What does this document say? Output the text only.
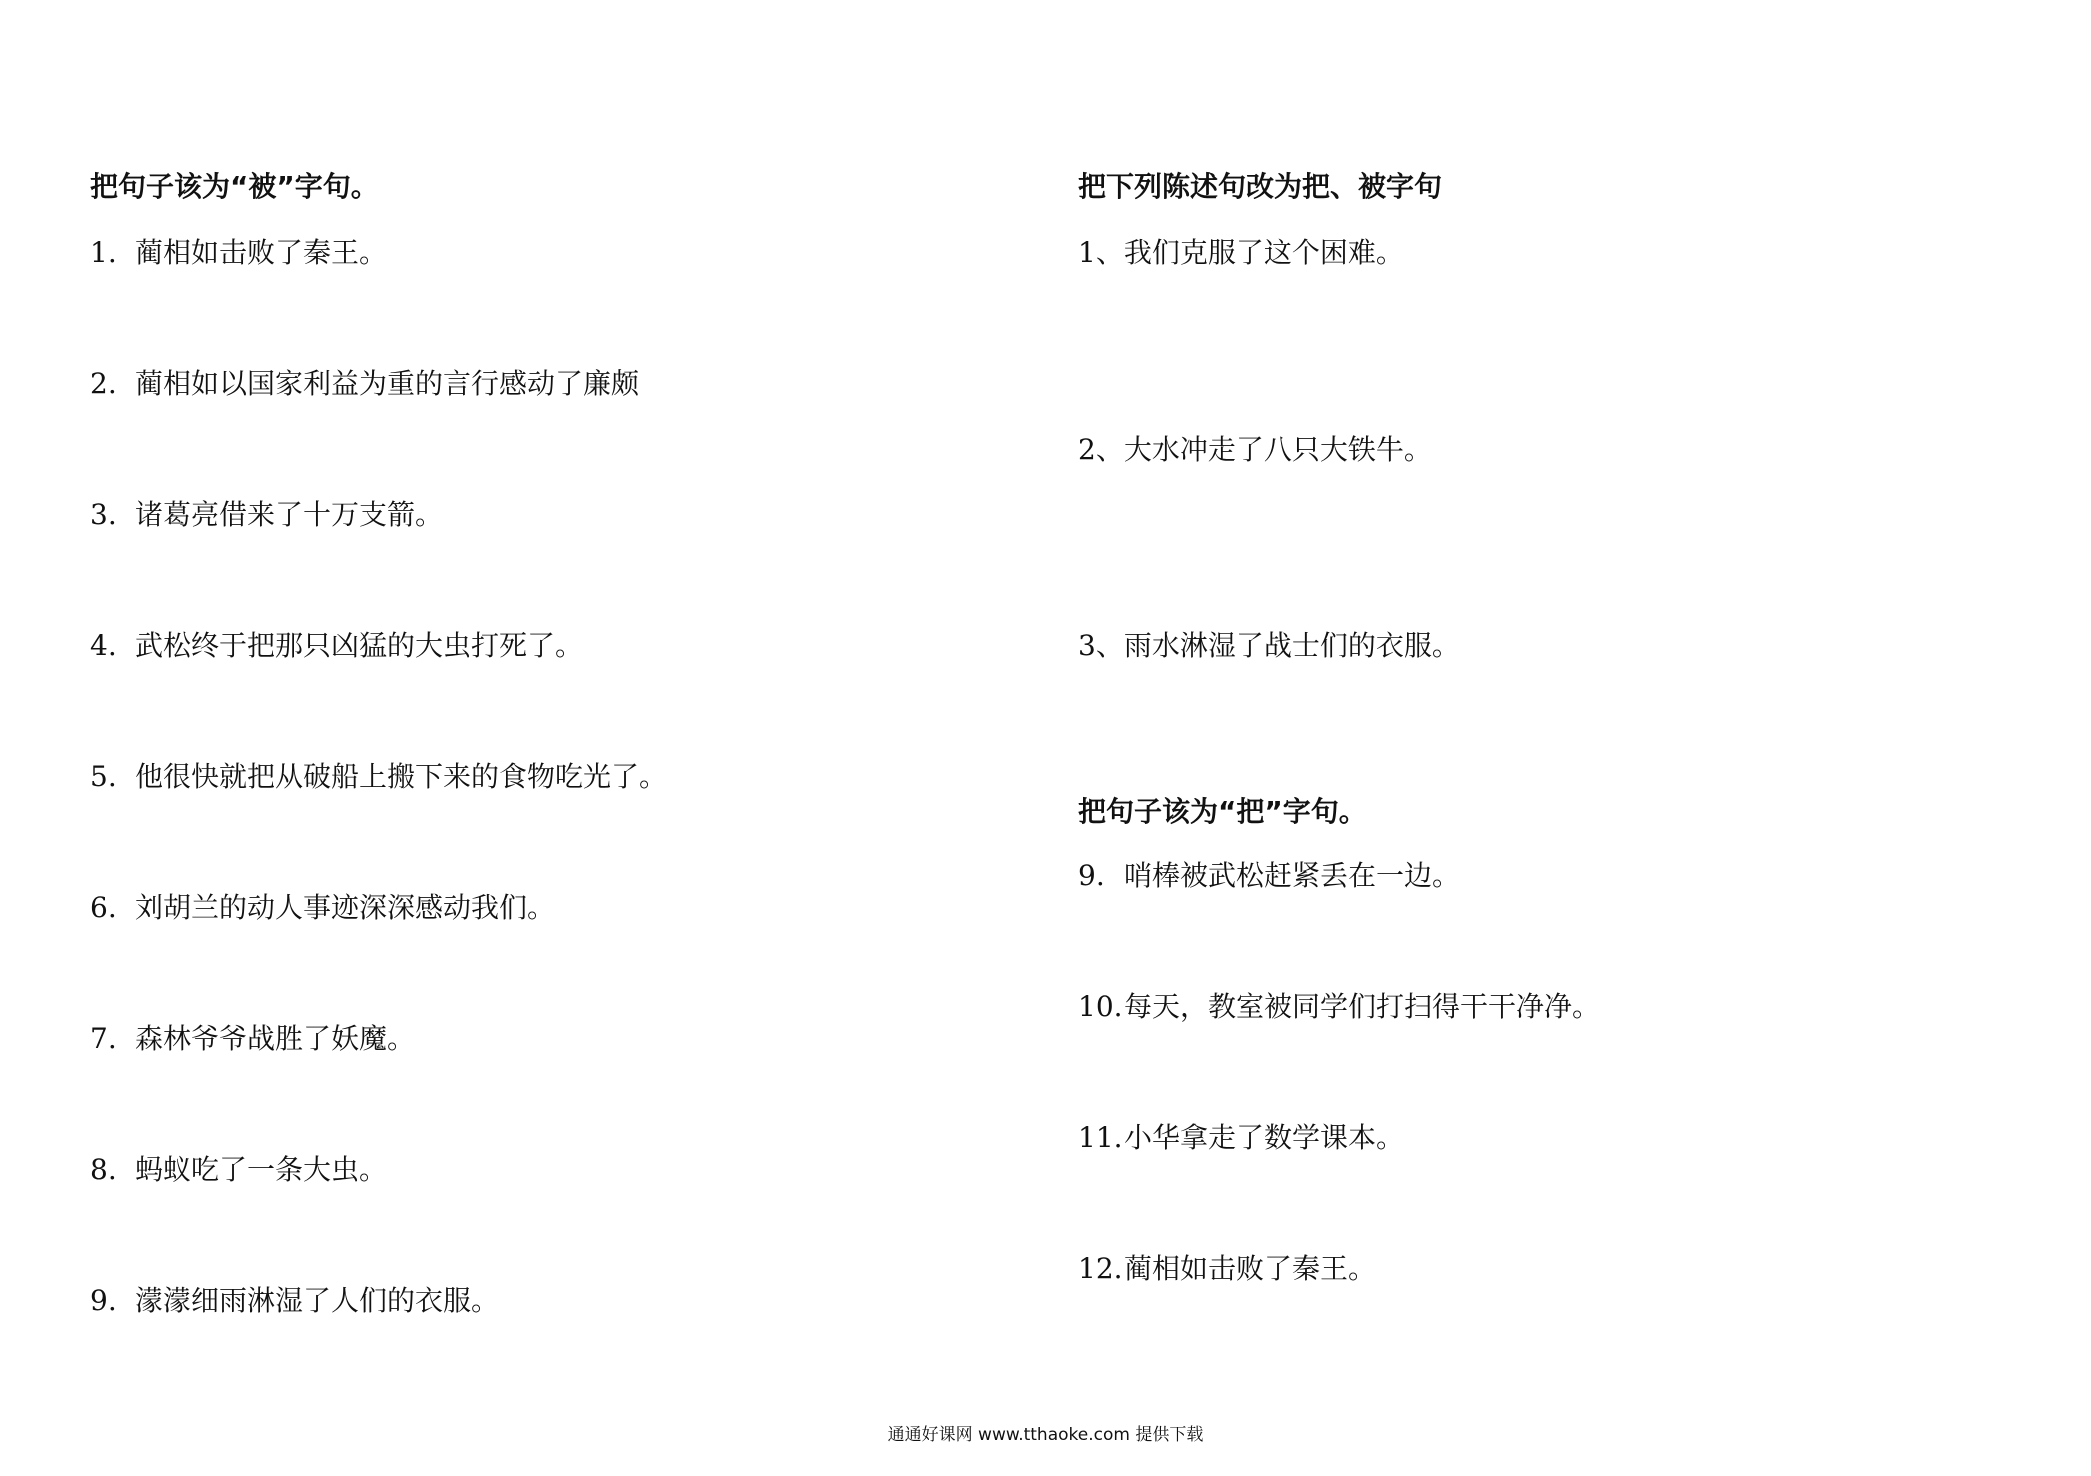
把句子该为“被”字句。
1. 蔺相如击败了秦王。
2. 蔺相如以国家利益为重的言行感动了廉颇
3. 诸葛亮借来了十万支箭。
4. 武松终于把那只凶猛的大虫打死了。
5. 他很快就把从破船上搬下来的食物吃光了。
6. 刘胡兰的动人事迹深深感动我们。
7. 森林爷爷战胜了妖魔。
8. 蚂蚁吃了一条大虫。
9. 濛濛细雨淋湿了人们的衣服。
把下列陈述句改为把、被字句
1、我们克服了这个困难。
2、大水冲走了八只大铁牛。
3、雨水淋湿了战士们的衣服。
把句子该为“把”字句。
9. 哨棒被武松赶紧丢在一边。
10.每天，教室被同学们打扫得干干净净。
11.小华拿走了数学课本。
12.蔺相如击败了秦王。
通通好课网 www.tthaoke.com 提供下载
